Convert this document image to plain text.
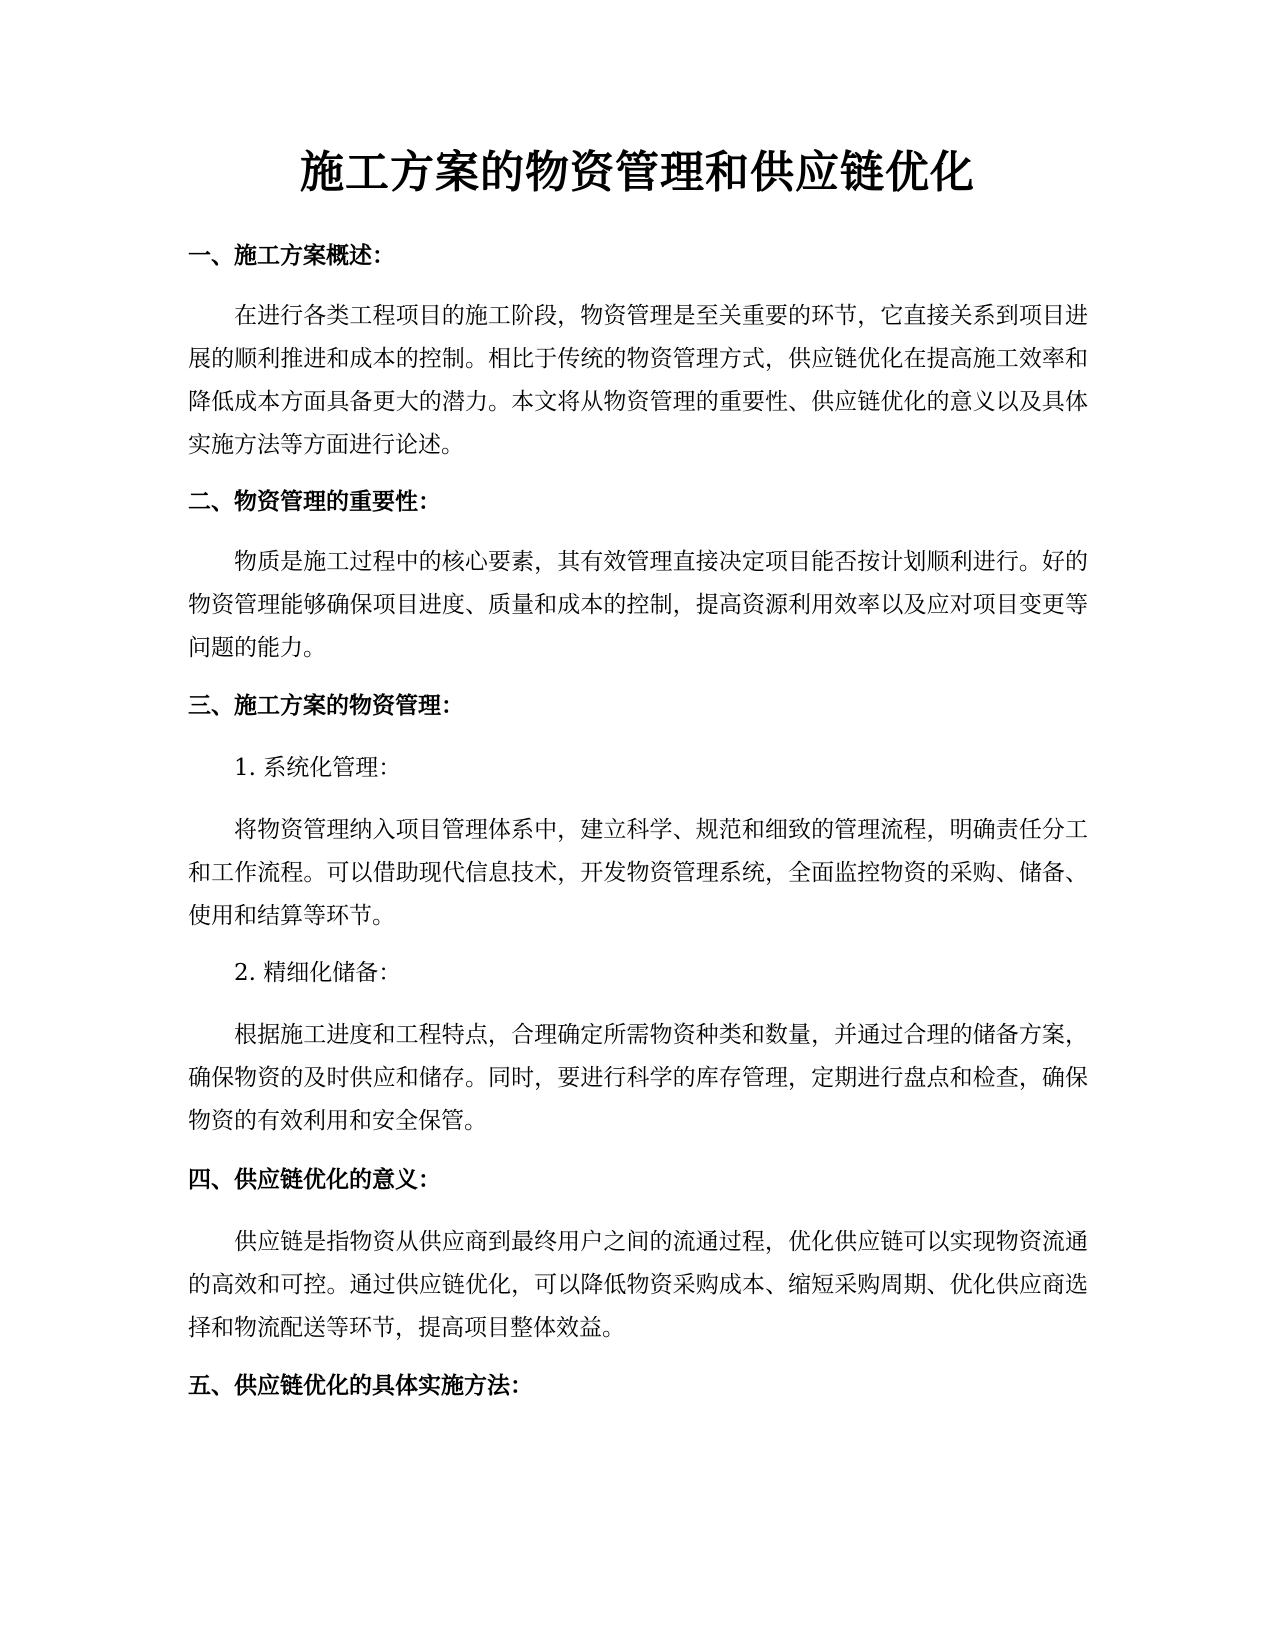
施工方案的物资管理和供应链优化
一、施工方案概述：
在进行各类工程项目的施工阶段，物资管理是至关重要的环节，它直接关系到项目进展的顺利推进和成本的控制。相比于传统的物资管理方式，供应链优化在提高施工效率和降低成本方面具备更大的潜力。本文将从物资管理的重要性、供应链优化的意义以及具体实施方法等方面进行论述。
二、物资管理的重要性：
物质是施工过程中的核心要素，其有效管理直接决定项目能否按计划顺利进行。好的物资管理能够确保项目进度、质量和成本的控制，提高资源利用效率以及应对项目变更等问题的能力。
三、施工方案的物资管理：
1. 系统化管理：
将物资管理纳入项目管理体系中，建立科学、规范和细致的管理流程，明确责任分工和工作流程。可以借助现代信息技术，开发物资管理系统，全面监控物资的采购、储备、使用和结算等环节。
2. 精细化储备：
根据施工进度和工程特点，合理确定所需物资种类和数量，并通过合理的储备方案，确保物资的及时供应和储存。同时，要进行科学的库存管理，定期进行盘点和检查，确保物资的有效利用和安全保管。
四、供应链优化的意义：
供应链是指物资从供应商到最终用户之间的流通过程，优化供应链可以实现物资流通的高效和可控。通过供应链优化，可以降低物资采购成本、缩短采购周期、优化供应商选择和物流配送等环节，提高项目整体效益。
五、供应链优化的具体实施方法：
